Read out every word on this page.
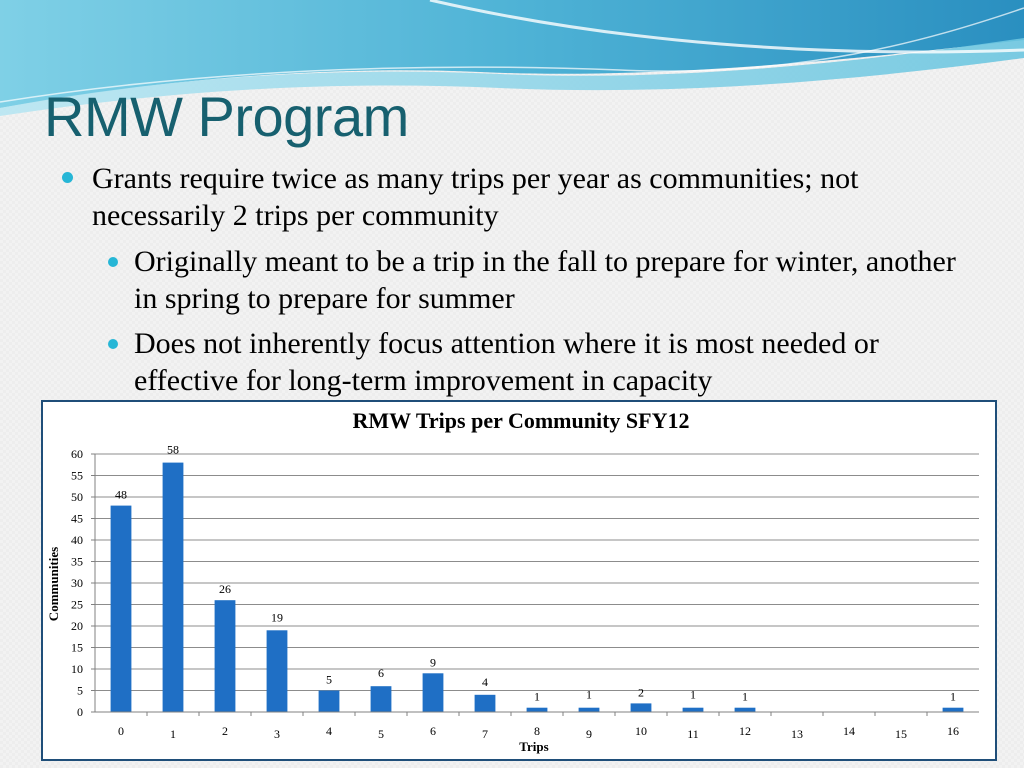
RMW Program
Grants require twice as many trips per year as communities; not necessarily 2 trips per community
Originally meant to be a trip in the fall to prepare for winter, another in spring to prepare for summer
Does not inherently focus attention where it is most needed or effective for long-term improvement in capacity
RMW Trips per Community SFY12
Communities
Trips
0
5
10
15
20
25
30
35
40
45
50
55
60
0	1	2	3	4	5	6	7	8	9	10	11	12	13	14	15	16
48
58
26
19
5	6
9
4
1	1	2	1	1	1
